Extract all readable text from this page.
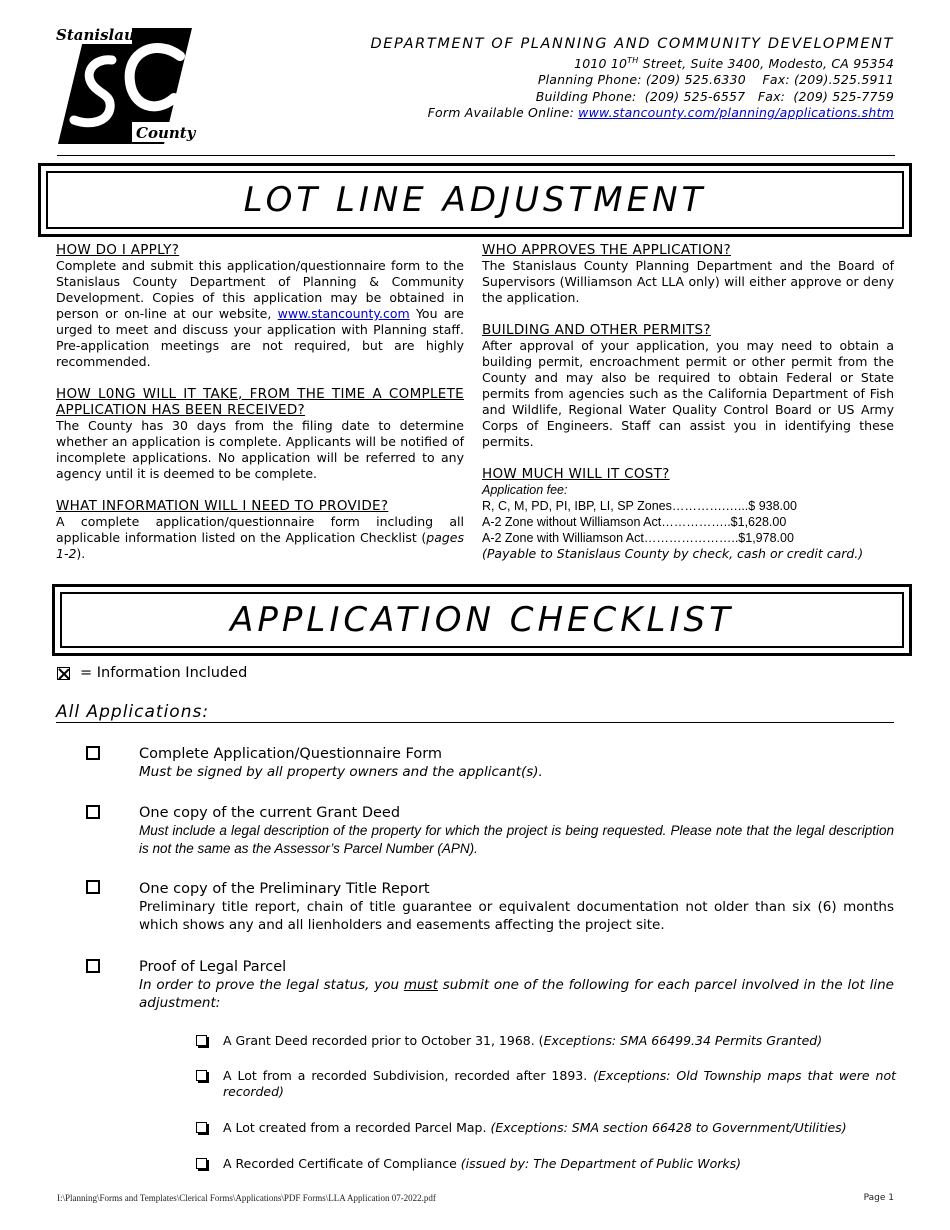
Stanislaus
County
DEPARTMENT OF PLANNING AND COMMUNITY DEVELOPMENT
1010 10TH Street, Suite 3400, Modesto, CA 95354
Planning Phone: (209) 525.6330    Fax: (209).525.5911
Building Phone:  (209) 525-6557   Fax:  (209) 525-7759
Form Available Online: www.stancounty.com/planning/applications.shtm
LOT LINE ADJUSTMENT
HOW DO I APPLY?

Complete and submit this application/questionnaire form to the Stanislaus County Department of Planning & Community Development. Copies of this application may be obtained in person or on-line at our website, www.stancounty.com You are urged to meet and discuss your application with Planning staff. Pre-application meetings are not required, but are highly recommended.

HOW L0NG WILL IT TAKE, FROM THE TIME A COMPLETE APPLICATION HAS BEEN RECEIVED?

The County has 30 days from the filing date to determine whether an application is complete. Applicants will be notified of incomplete applications. No application will be referred to any agency until it is deemed to be complete.

WHAT INFORMATION WILL I NEED TO PROVIDE?

A complete application/questionnaire form including all applicable information listed on the Application Checklist (pages 1-2).

WHO APPROVES THE APPLICATION?

The Stanislaus County Planning Department and the Board of Supervisors (Williamson Act LLA only) will either approve or deny the application.

BUILDING AND OTHER PERMITS?

After approval of your application, you may need to obtain a building permit, encroachment permit or other permit from the County and may also be required to obtain Federal or State permits from agencies such as the California Department of Fish and Wildlife, Regional Water Quality Control Board or US Army Corps of Engineers. Staff can assist you in identifying these permits.

HOW MUCH WILL IT COST?
Application fee:
R, C, M, PD, PI, IBP, LI, SP Zones………….…...$ 938.00
A-2 Zone without Williamson Act……………..$1,628.00
A-2 Zone with Williamson Act…………………..$1,978.00
(Payable to Stanislaus County by check, cash or credit card.)
APPLICATION CHECKLIST
= Information Included
All Applications:
Complete Application/Questionnaire Form
Must be signed by all property owners and the applicant(s).
One copy of the current Grant Deed
Must include a legal description of the property for which the project is being requested. Please note that the legal description is not the same as the Assessor’s Parcel Number (APN).
One copy of the Preliminary Title Report
Preliminary title report, chain of title guarantee or equivalent documentation not older than six (6) months which shows any and all lienholders and easements affecting the project site.
Proof of Legal Parcel
In order to prove the legal status, you must submit one of the following for each parcel involved in the lot line adjustment:
A Grant Deed recorded prior to October 31, 1968. (Exceptions: SMA 66499.34 Permits Granted)
A Lot from a recorded Subdivision, recorded after 1893. (Exceptions: Old Township maps that were not recorded)
A Lot created from a recorded Parcel Map. (Exceptions: SMA section 66428 to Government/Utilities)
A Recorded Certificate of Compliance (issued by: The Department of Public Works)
I:\Planning\Forms and Templates\Clerical Forms\Applications\PDF Forms\LLA Application 07-2022.pdf	Page 1
